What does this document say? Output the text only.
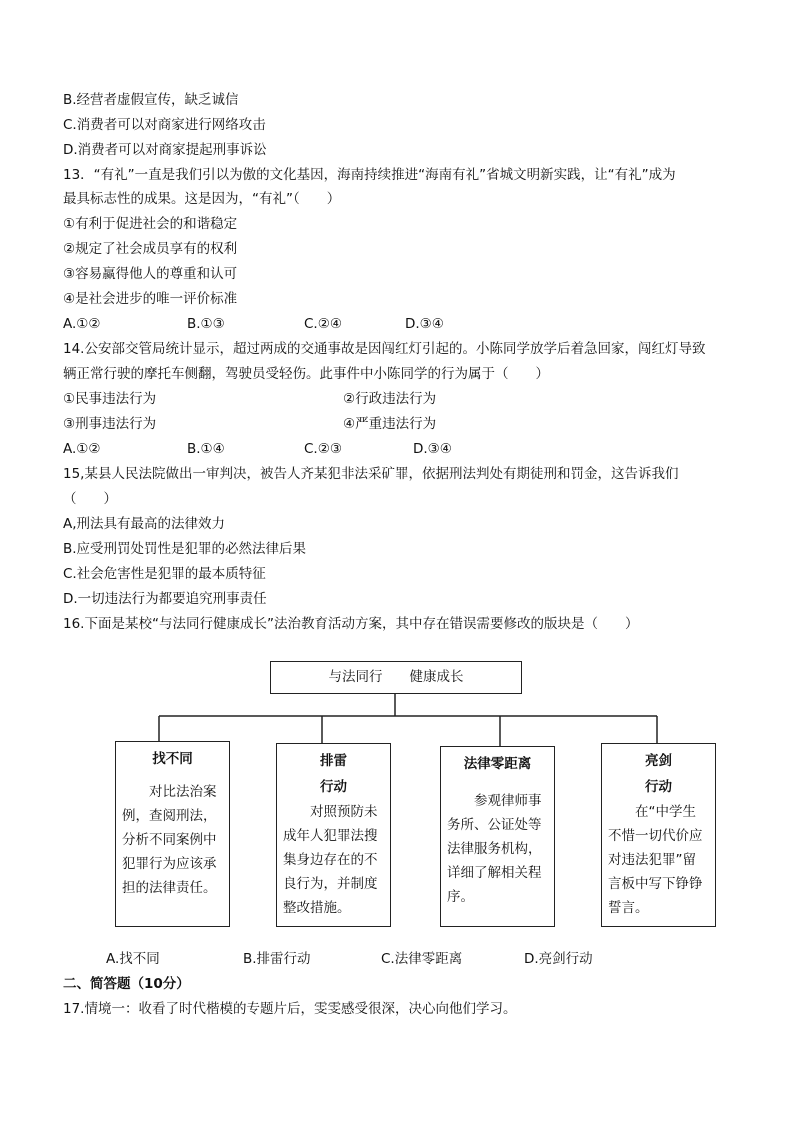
B.经营者虚假宣传，缺乏诚信
C.消费者可以对商家进行网络攻击
D.消费者可以对商家提起刑事诉讼
13．“有礼”一直是我们引以为傲的文化基因，海南持续推进“海南有礼”省城文明新实践，让“有礼”成为
最具标志性的成果。这是因为，“有礼”（　　）
①有利于促进社会的和谐稳定
②规定了社会成员享有的权利
③容易赢得他人的尊重和认可
④是社会进步的唯一评价标准
A.①②	B.①③	C.②④	D.③④
14.公安部交管局统计显示，超过两成的交通事故是因闯红灯引起的。小陈同学放学后着急回家，闯红灯导致
辆正常行驶的摩托车侧翻，驾驶员受轻伤。此事件中小陈同学的行为属于（　　）
①民事违法行为	②行政违法行为
③刑事违法行为	④严重违法行为
A.①②	B.①④	C.②③	D.③④
15,某县人民法院做出一审判决，被告人齐某犯非法采矿罪，依据刑法判处有期徒刑和罚金，这告诉我们
（　　）
A,刑法具有最高的法律效力
B.应受刑罚处罚性是犯罪的必然法律后果
C.社会危害性是犯罪的最本质特征
D.一切违法行为都要追究刑事责任
16.下面是某校“与法同行健康成长”法治教育活动方案，其中存在错误需要修改的版块是（　　）
与法同行　　健康成长
找不同
对比法治案例，查阅刑法，分析不同案例中犯罪行为应该承担的法律责任。
排雷
行动
对照预防未成年人犯罪法搜集身边存在的不良行为，并制度整改措施。
法律零距离
参观律师事务所、公证处等法律服务机构，详细了解相关程序。
亮剑
行动
在“中学生不惜一切代价应对违法犯罪”留言板中写下铮铮誓言。
A.找不同	B.排雷行动	C.法律零距离	D.亮剑行动
二、简答题（10分）
17.情境一：收看了时代楷模的专题片后，雯雯感受很深，决心向他们学习。
